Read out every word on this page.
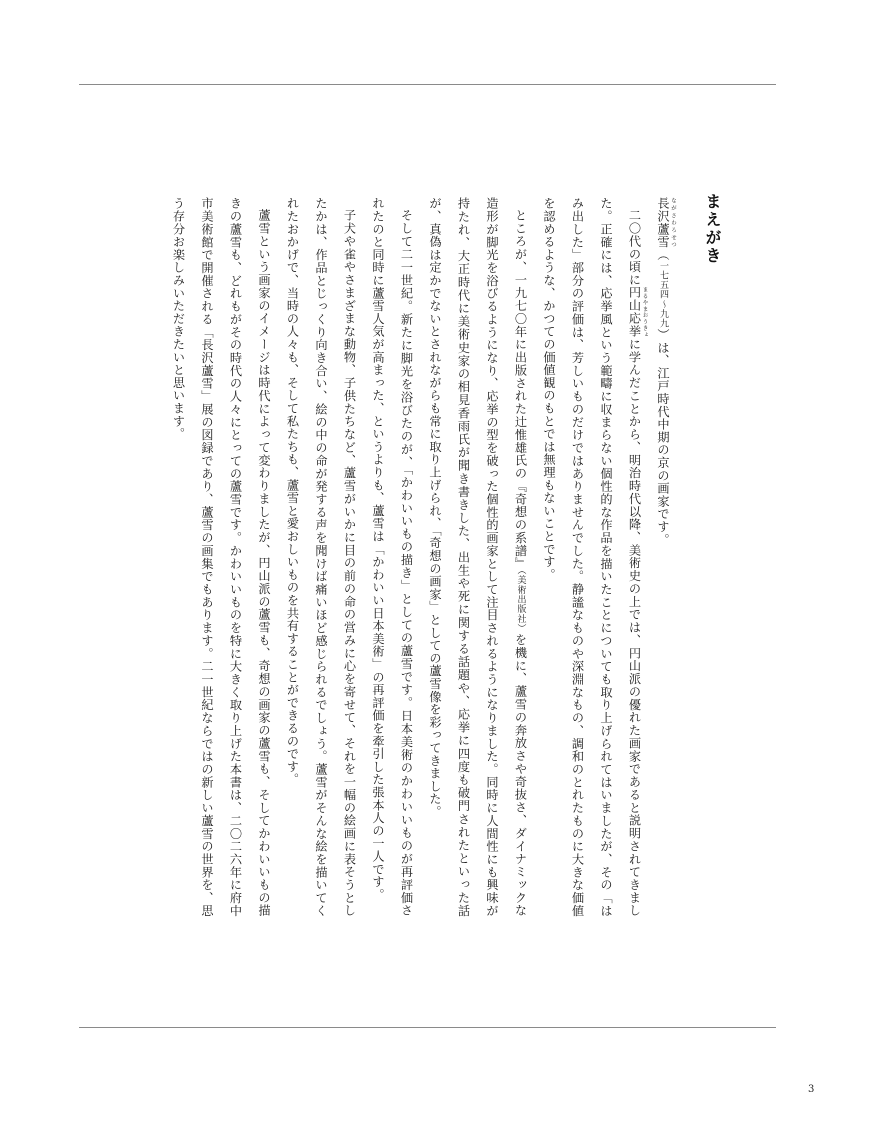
まえがき

長沢蘆雪 ながさわろせつ（一七五四〜九九）は、江戸時代中期の京の画家です。

二〇代の頃に円山応挙 まるやまおうきょに学んだことから、明治時代以降、美術史の上では、円山派の優れた画家であると説明されてきました。正確には、応挙風という範疇に収まらない個性的な作品を描いたことについても取り上げられてはいましたが、その「はみ出した」部分の評価は、芳しいものだけではありませんでした。静謐なものや深淵なもの、調和のとれたものに大きな価値を認めるような、かつての価値観のもとでは無理もないことです。

ところが、一九七〇年に出版された辻惟雄氏の『奇想の系譜』（美術出版社）を機に、蘆雪の奔放さや奇抜さ、ダイナミックな造形が脚光を浴びるようになり、応挙の型を破った個性的画家として注目されるようになりました。同時に人間性にも興味が持たれ、大正時代に美術史家の相見香雨氏が聞き書きした、出生や死に関する話題や、応挙に四度も破門されたといった話が、真偽は定かでないとされながらも常に取り上げられ、「奇想の画家」としての蘆雪像を彩ってきました。

そして二一世紀。新たに脚光を浴びたのが、「かわいいもの描き」としての蘆雪です。日本美術のかわいいものが再評価されたのと同時に蘆雪人気が高まった、というよりも、蘆雪は「かわいい日本美術」の再評価を牽引した張本人の一人です。

子犬や雀やさまざまな動物、子供たちなど、蘆雪がいかに目の前の命の営みに心を寄せて、それを一幅の絵画に表そうとしたかは、作品とじっくり向き合い、絵の中の命が発する声を聞けば痛いほど感じられるでしょう。蘆雪がそんな絵を描いてくれたおかげで、当時の人々も、そして私たちも、蘆雪と愛おしいものを共有することができるのです。

蘆雪という画家のイメージは時代によって変わりましたが、円山派の蘆雪も、奇想の画家の蘆雪も、そしてかわいいもの描きの蘆雪も、どれもがその時代の人々にとっての蘆雪です。かわいいものを特に大きく取り上げた本書は、二〇二六年に府中市美術館で開催される「長沢蘆雪」展の図録であり、蘆雪の画集でもあります。二一世紀ならではの新しい蘆雪の世界を、思う存分お楽しみいただきたいと思います。

3
